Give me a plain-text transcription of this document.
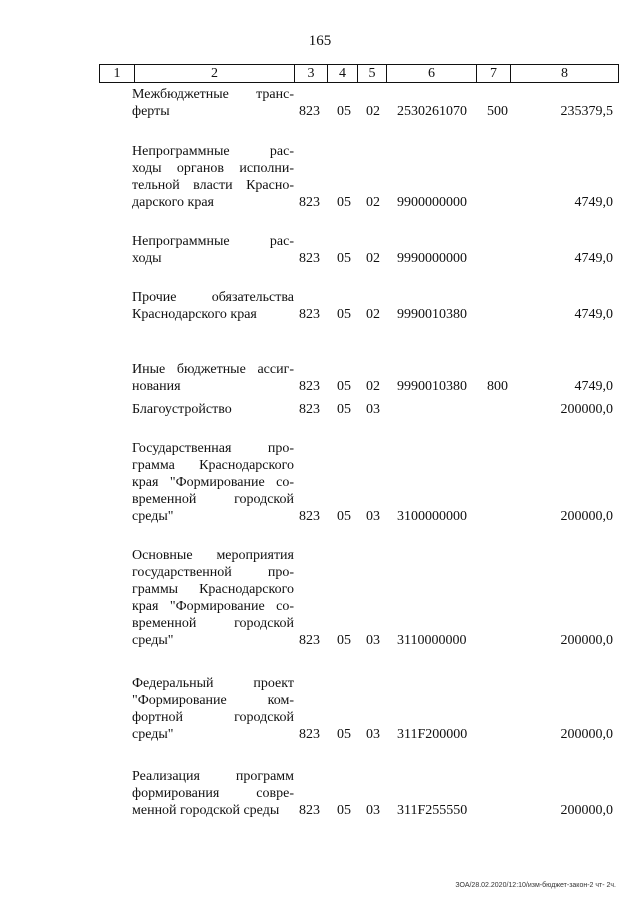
165
1	2	3	4	5	6	7	8
Межбюджетные транс-
ферты	823 05 02 2530261070 500	235379,5
Непрограммные рас-
ходы органов исполни-
тельной власти Красно-
дарского края	823 05 02 9900000000	4749,0
Непрограммные рас-
ходы	823 05 02 9990000000	4749,0
Прочие обязательства
Краснодарского края	823 05 02 9990010380	4749,0
Иные бюджетные ассиг-
нования	823 05 02 9990010380 800	4749,0
Благоустройство	823 05 03	200000,0
Государственная про-
грамма Краснодарского
края "Формирование со-
временной городской
среды"	823 05 03 3100000000	200000,0
Основные мероприятия
государственной про-
граммы Краснодарского
края "Формирование со-
временной городской
среды"	823 05 03 3110000000	200000,0
Федеральный проект
"Формирование ком-
фортной городской
среды"	823 05 03 311F200000	200000,0
Реализация программ
формирования совре-
менной городской среды	823 05 03 311F255550	200000,0
ЗОА/28.02.2020/12:10/изм-бюджет-закон-2 чт- 2ч.
